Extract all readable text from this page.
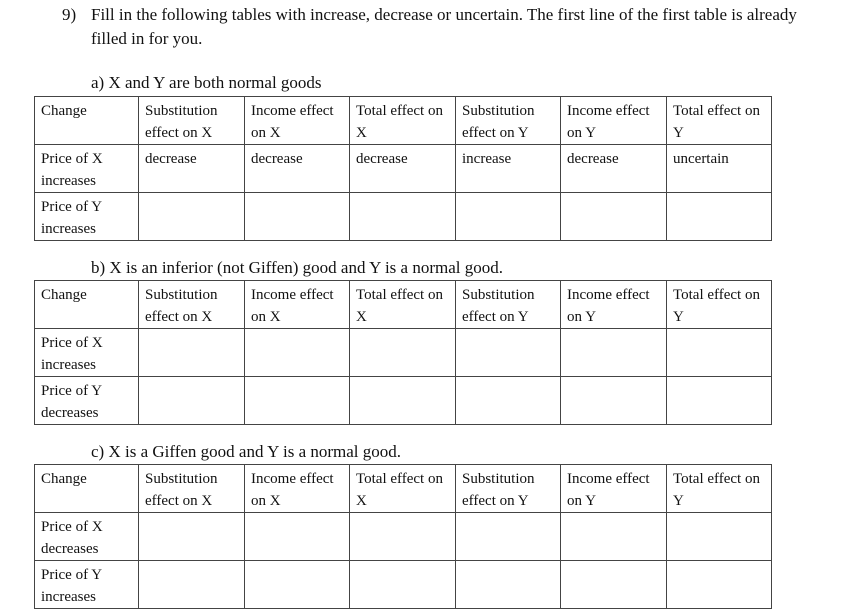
9) Fill in the following tables with increase, decrease or uncertain. The first line of the first table is already filled in for you.
a) X and Y are both normal goods
Change	Substitution effect on X	Income effect on X	Total effect on X	Substitution effect on Y	Income effect on Y	Total effect on Y
Price of X increases	decrease	decrease	decrease	increase	decrease	uncertain
Price of Y increases						
b) X is an inferior (not Giffen) good and Y is a normal good.
Change	Substitution effect on X	Income effect on X	Total effect on X	Substitution effect on Y	Income effect on Y	Total effect on Y
Price of X increases						
Price of Y decreases						
c) X is a Giffen good and Y is a normal good.
Change	Substitution effect on X	Income effect on X	Total effect on X	Substitution effect on Y	Income effect on Y	Total effect on Y
Price of X decreases						
Price of Y increases						
